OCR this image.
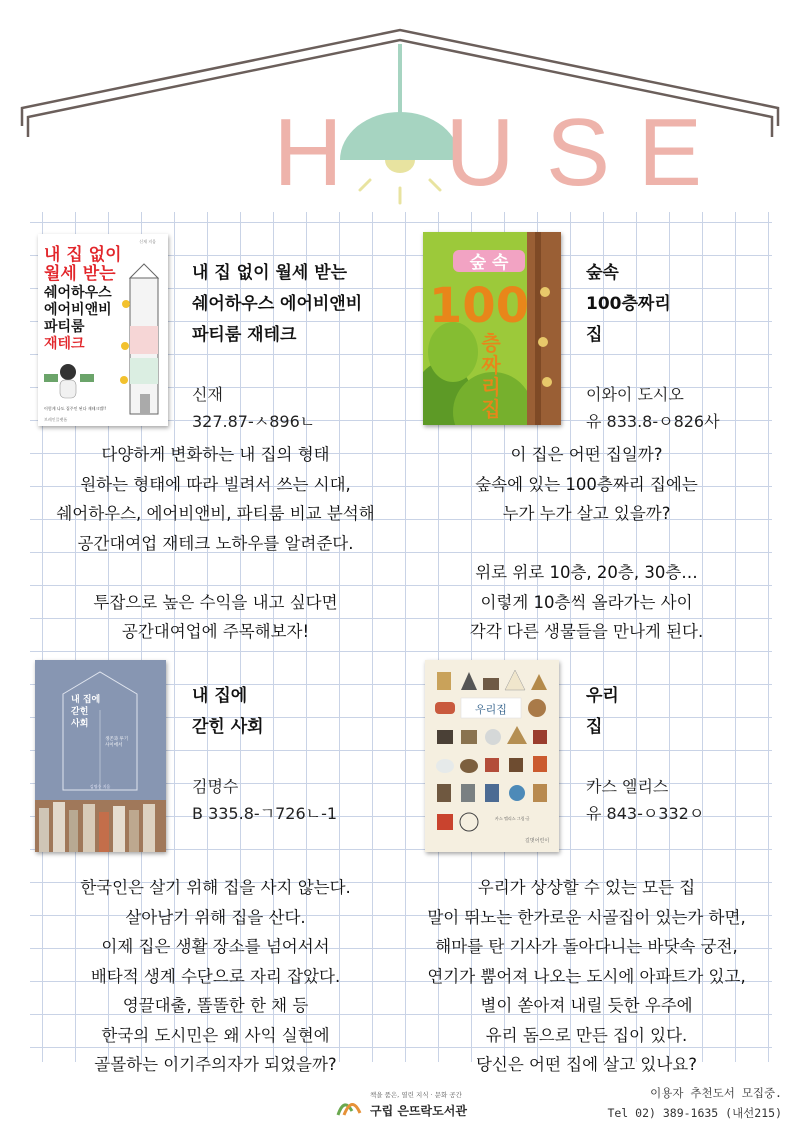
H U S E
신재 지음
내 집 없이
월세 받는
쉐어하우스
에어비앤비
파티룸
재테크
이렇게 나도 집주인 된다 재테크법!!
브레인플랫폼
내 집 없이 월세 받는
쉐어하우스 에어비앤비
파티룸 재테크
신재
327.87-ㅅ896ㄴ
다양하게 변화하는 내 집의 형태
원하는 형태에 따라 빌려서 쓰는 시대,
쉐어하우스, 에어비앤비, 파티룸 비교 분석해
공간대여업 재테크 노하우를 알려준다.
투잡으로 높은 수익을 내고 싶다면
공간대여업에 주목해보자!
숲 속
100
층
짜
리
집
숲속
100층짜리
집
이와이 도시오
유 833.8-ㅇ826사
이 집은 어떤 집일까?
숲속에 있는 100층짜리 집에는
누가 누가 살고 있을까?
위로 위로 10층, 20층, 30층…
이렇게 10층씩 올라가는 사이
각각 다른 생물들을 만나게 된다.
내 집에
갇힌
사회
생존과 투기
사이에서
김명수 지음
내 집에
갇힌 사회
김명수
B 335.8-ㄱ726ㄴ-1
한국인은 살기 위해 집을 사지 않는다.
살아남기 위해 집을 산다.
이제 집은 생활 장소를 넘어서서
배타적 생계 수단으로 자리 잡았다.
영끌대출, 똘똘한 한 채 등
한국의 도시민은 왜 사익 실현에
골몰하는 이기주의자가 되었을까?
우리집
카스 엘리스 그림·글
길벗어린이
우리
집
카스 엘리스
유 843-ㅇ332ㅇ
우리가 상상할 수 있는 모든 집
말이 뛰노는 한가로운 시골집이 있는가 하면,
해마를 탄 기사가 돌아다니는 바닷속 궁전,
연기가 뿜어져 나오는 도시에 아파트가 있고,
별이 쏟아져 내릴 듯한 우주에
유리 돔으로 만든 집이 있다.
당신은 어떤 집에 살고 있나요?
책을 품은, 열린 지식 · 문화 공간
구립 은뜨락도서관
이용자 추천도서 모집중.
Tel 02) 389-1635 (내선215)
